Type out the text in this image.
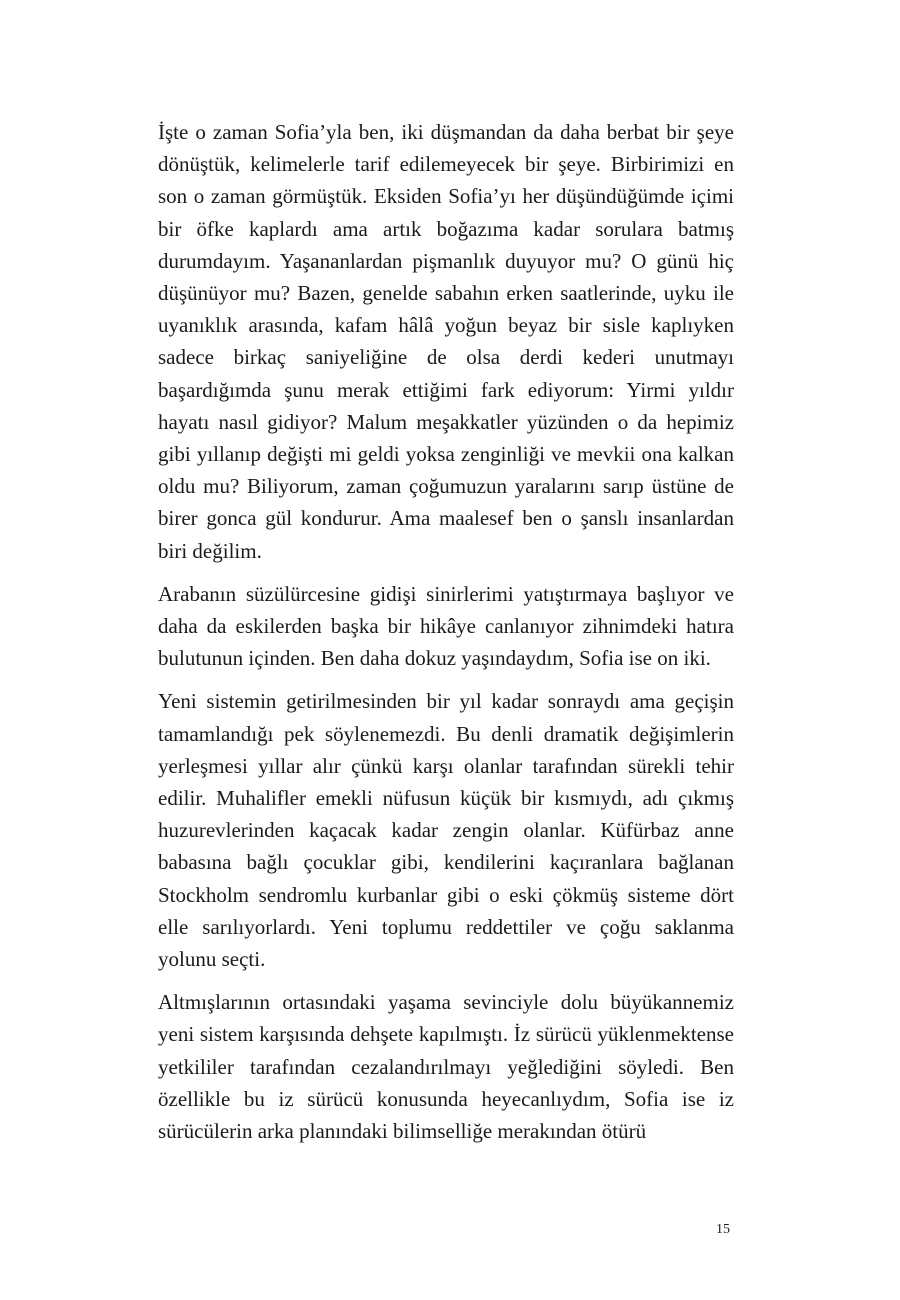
İşte o zaman Sofia’yla ben, iki düşmandan da daha berbat bir şeye dönüştük, kelimelerle tarif edilemeyecek bir şeye. Birbirimizi en son o zaman görmüştük. Eksiden Sofia’yı her düşündüğümde içimi bir öfke kaplardı ama artık boğazıma kadar sorulara batmış durumdayım. Yaşananlardan pişmanlık duyuyor mu? O günü hiç düşünüyor mu? Bazen, genelde sabahın erken saatlerinde, uyku ile uyanıklık arasında, kafam hâlâ yoğun beyaz bir sisle kaplıyken sadece birkaç saniyeliğine de olsa derdi kederi unutmayı başardığımda şunu merak ettiğimi fark ediyorum: Yirmi yıldır hayatı nasıl gidiyor? Malum meşakkatler yüzünden o da hepimiz gibi yıllanıp değişti mi geldi yoksa zenginliği ve mevkii ona kalkan oldu mu? Biliyorum, zaman çoğumuzun yaralarını sarıp üstüne de birer gonca gül kondurur. Ama maalesef ben o şanslı insanlardan biri değilim.

Arabanın süzülürcesine gidişi sinirlerimi yatıştırmaya başlıyor ve daha da eskilerden başka bir hikâye canlanıyor zihnimdeki hatıra bulutunun içinden. Ben daha dokuz yaşındaydım, Sofia ise on iki.

Yeni sistemin getirilmesinden bir yıl kadar sonraydı ama geçişin tamamlandığı pek söylenemezdi. Bu denli dramatik değişimlerin yerleşmesi yıllar alır çünkü karşı olanlar tarafından sürekli tehir edilir. Muhalifler emekli nüfusun küçük bir kısmıydı, adı çıkmış huzurevlerinden kaçacak kadar zengin olanlar. Küfürbaz anne babasına bağlı çocuklar gibi, kendilerini kaçıranlara bağlanan Stockholm sendromlu kurbanlar gibi o eski çökmüş sisteme dört elle sarılıyorlardı. Yeni toplumu reddettiler ve çoğu saklanma yolunu seçti.

Altmışlarının ortasındaki yaşama sevinciyle dolu büyükannemiz yeni sistem karşısında dehşete kapılmıştı. İz sürücü yüklenmektense yetkililer tarafından cezalandırılmayı yeğlediğini söyledi. Ben özellikle bu iz sürücü konusunda heyecanlıydım, Sofia ise iz sürücülerin arka planındaki bilimselliğe merakından ötürü

15
